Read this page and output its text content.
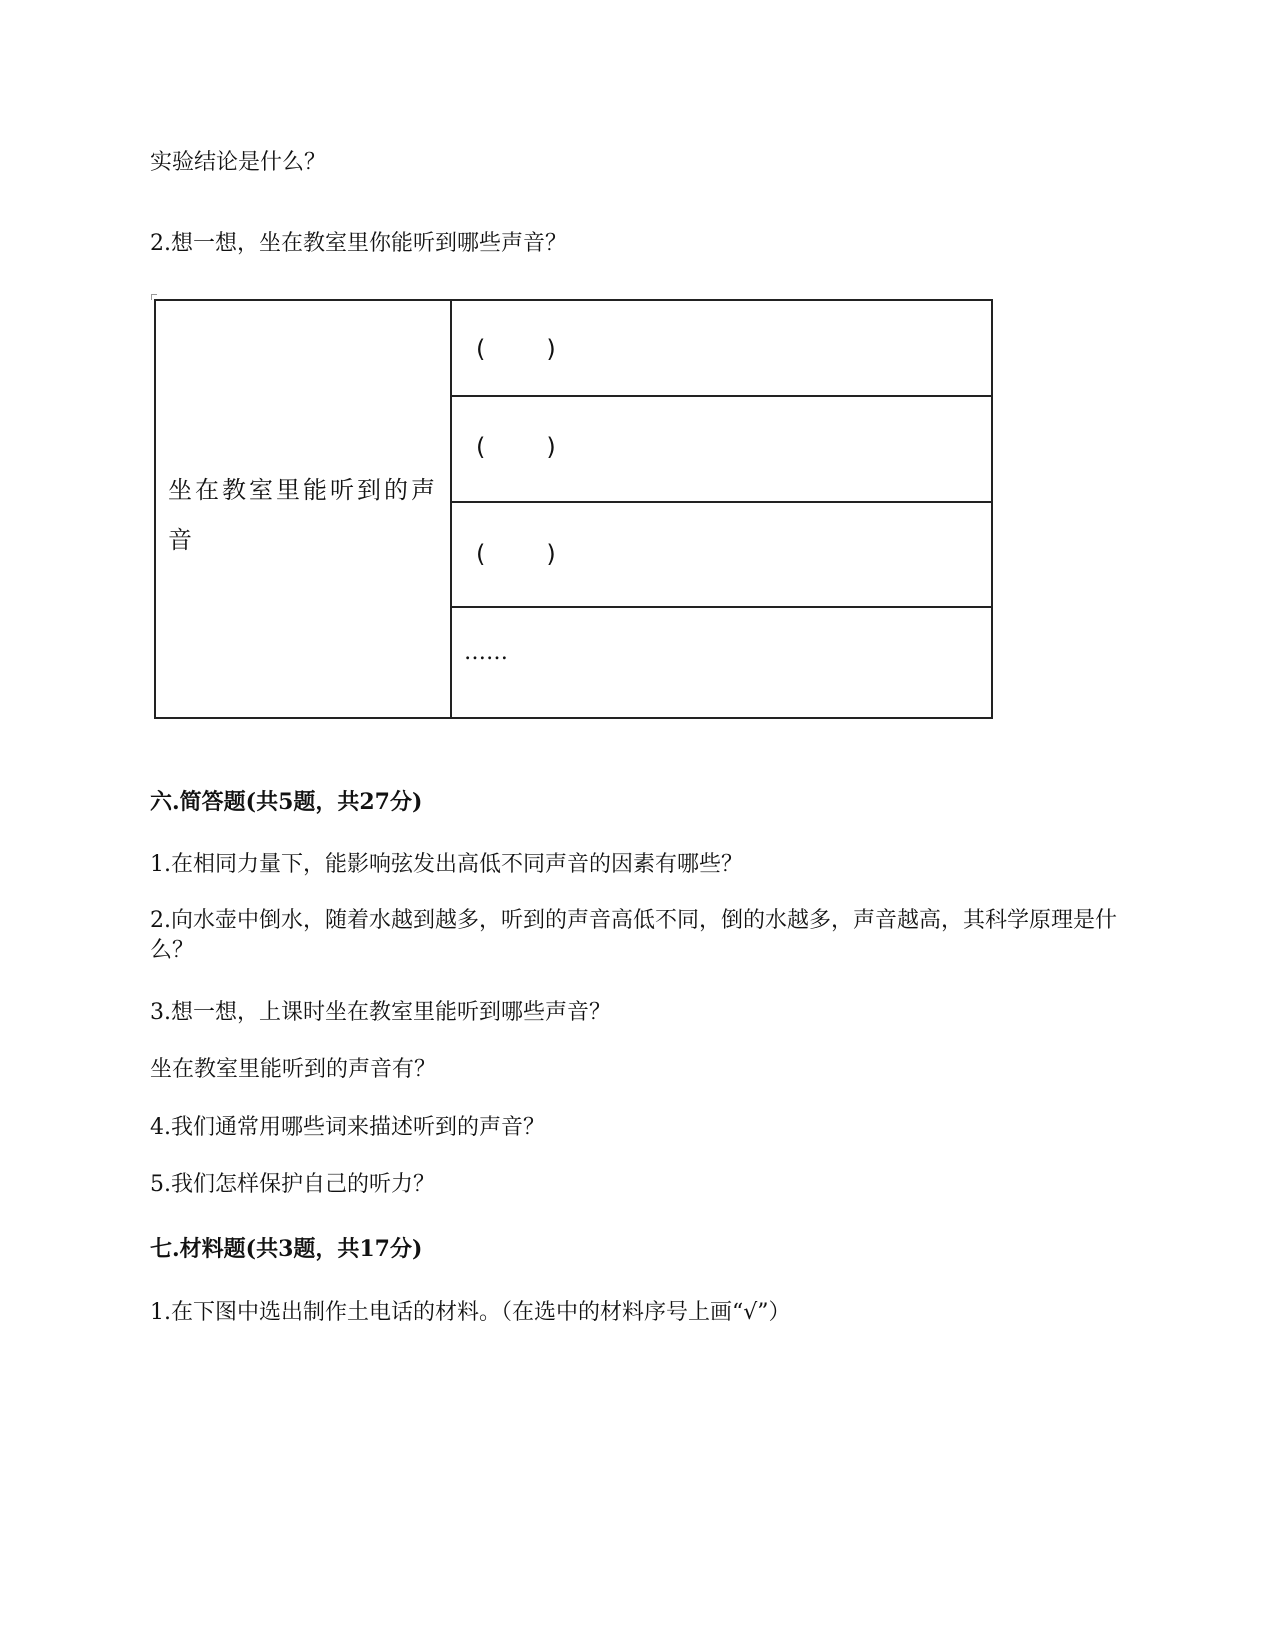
实验结论是什么？
2.想一想，坐在教室里你能听到哪些声音？
坐在教室里能听到的声音
(        )
(        )
(        )
……
六.简答题(共5题，共27分)
1.在相同力量下，能影响弦发出高低不同声音的因素有哪些？
2.向水壶中倒水，随着水越到越多，听到的声音高低不同，倒的水越多，声音越高，其科学原理是什么？
3.想一想，上课时坐在教室里能听到哪些声音？
坐在教室里能听到的声音有？
4.我们通常用哪些词来描述听到的声音？
5.我们怎样保护自己的听力？
七.材料题(共3题，共17分)
1.在下图中选出制作土电话的材料。（在选中的材料序号上画“√”）
